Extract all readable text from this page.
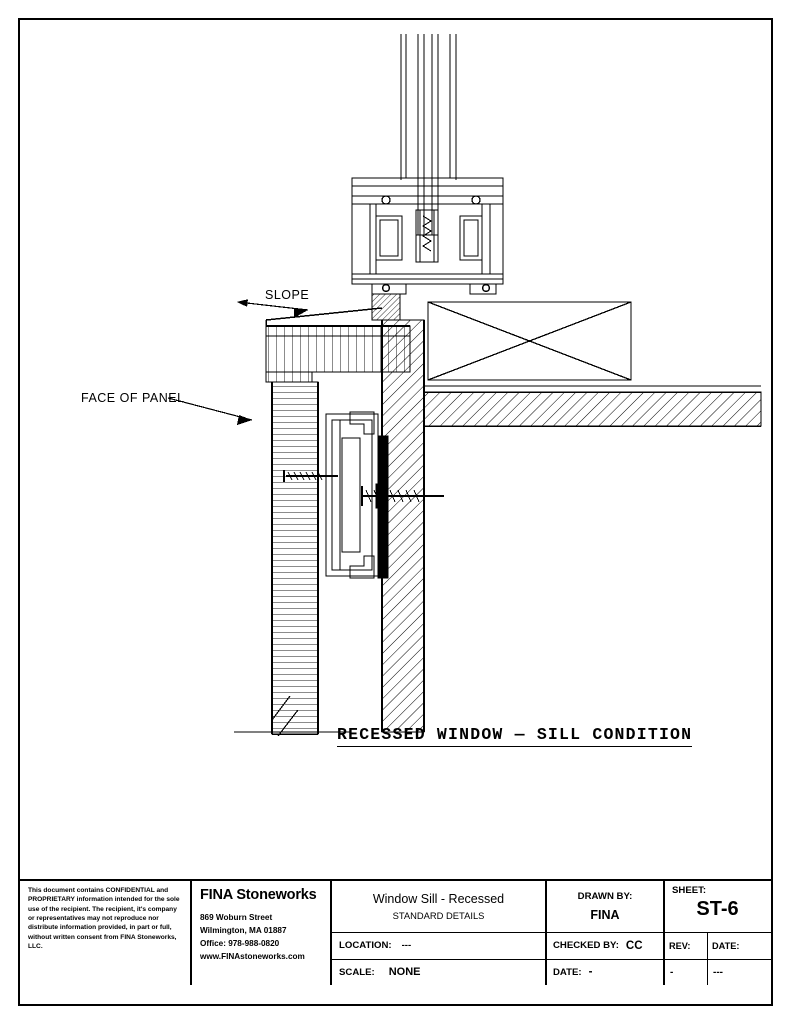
SLOPE
FACE OF PANEL
RECESSED WINDOW — SILL CONDITION
This document contains CONFIDENTIAL and PROPRIETARY information intended for the sole use of the recipient. The recipient, it's company or representatives may not reproduce nor distribute information provided, in part or full, without written consent from FINA Stoneworks, LLC.
FINA Stoneworks
869 Woburn Street
Wilmington, MA 01887
Office: 978-988-0820
www.FINAstoneworks.com
Window Sill - Recessed
STANDARD DETAILS
LOCATION: ---
SCALE: NONE
DRAWN BY:
FINA
CHECKED BY: CC
DATE: -
SHEET:
ST-6
REV:
-
DATE:
---
